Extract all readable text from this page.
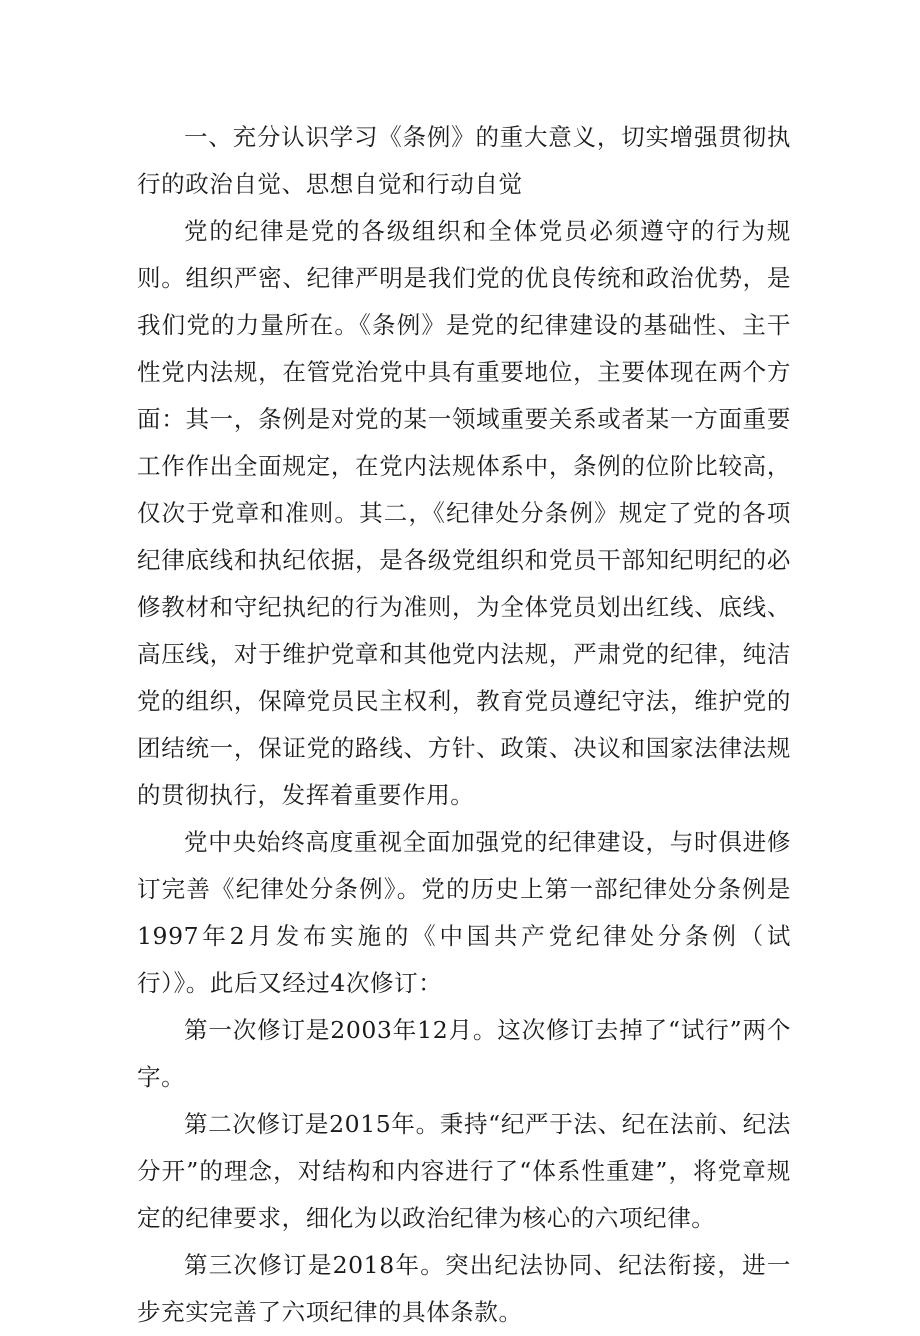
一、充分认识学习《条例》的重大意义，切实增强贯彻执行的政治自觉、思想自觉和行动自觉

党的纪律是党的各级组织和全体党员必须遵守的行为规则。组织严密、纪律严明是我们党的优良传统和政治优势，是我们党的力量所在。《条例》是党的纪律建设的基础性、主干性党内法规，在管党治党中具有重要地位，主要体现在两个方面：其一，条例是对党的某一领域重要关系或者某一方面重要工作作出全面规定，在党内法规体系中，条例的位阶比较高，仅次于党章和准则。其二，《纪律处分条例》规定了党的各项纪律底线和执纪依据，是各级党组织和党员干部知纪明纪的必修教材和守纪执纪的行为准则，为全体党员划出红线、底线、高压线，对于维护党章和其他党内法规，严肃党的纪律，纯洁党的组织，保障党员民主权利，教育党员遵纪守法，维护党的团结统一，保证党的路线、方针、政策、决议和国家法律法规的贯彻执行，发挥着重要作用。

党中央始终高度重视全面加强党的纪律建设，与时俱进修订完善《纪律处分条例》。党的历史上第一部纪律处分条例是1997年2月发布实施的《中国共产党纪律处分条例（试行）》。此后又经过4次修订：

第一次修订是2003年12月。这次修订去掉了“试行”两个字。

第二次修订是2015年。秉持“纪严于法、纪在法前、纪法分开”的理念，对结构和内容进行了“体系性重建”，将党章规定的纪律要求，细化为以政治纪律为核心的六项纪律。

第三次修订是2018年。突出纪法协同、纪法衔接，进一步充实完善了六项纪律的具体条款。
